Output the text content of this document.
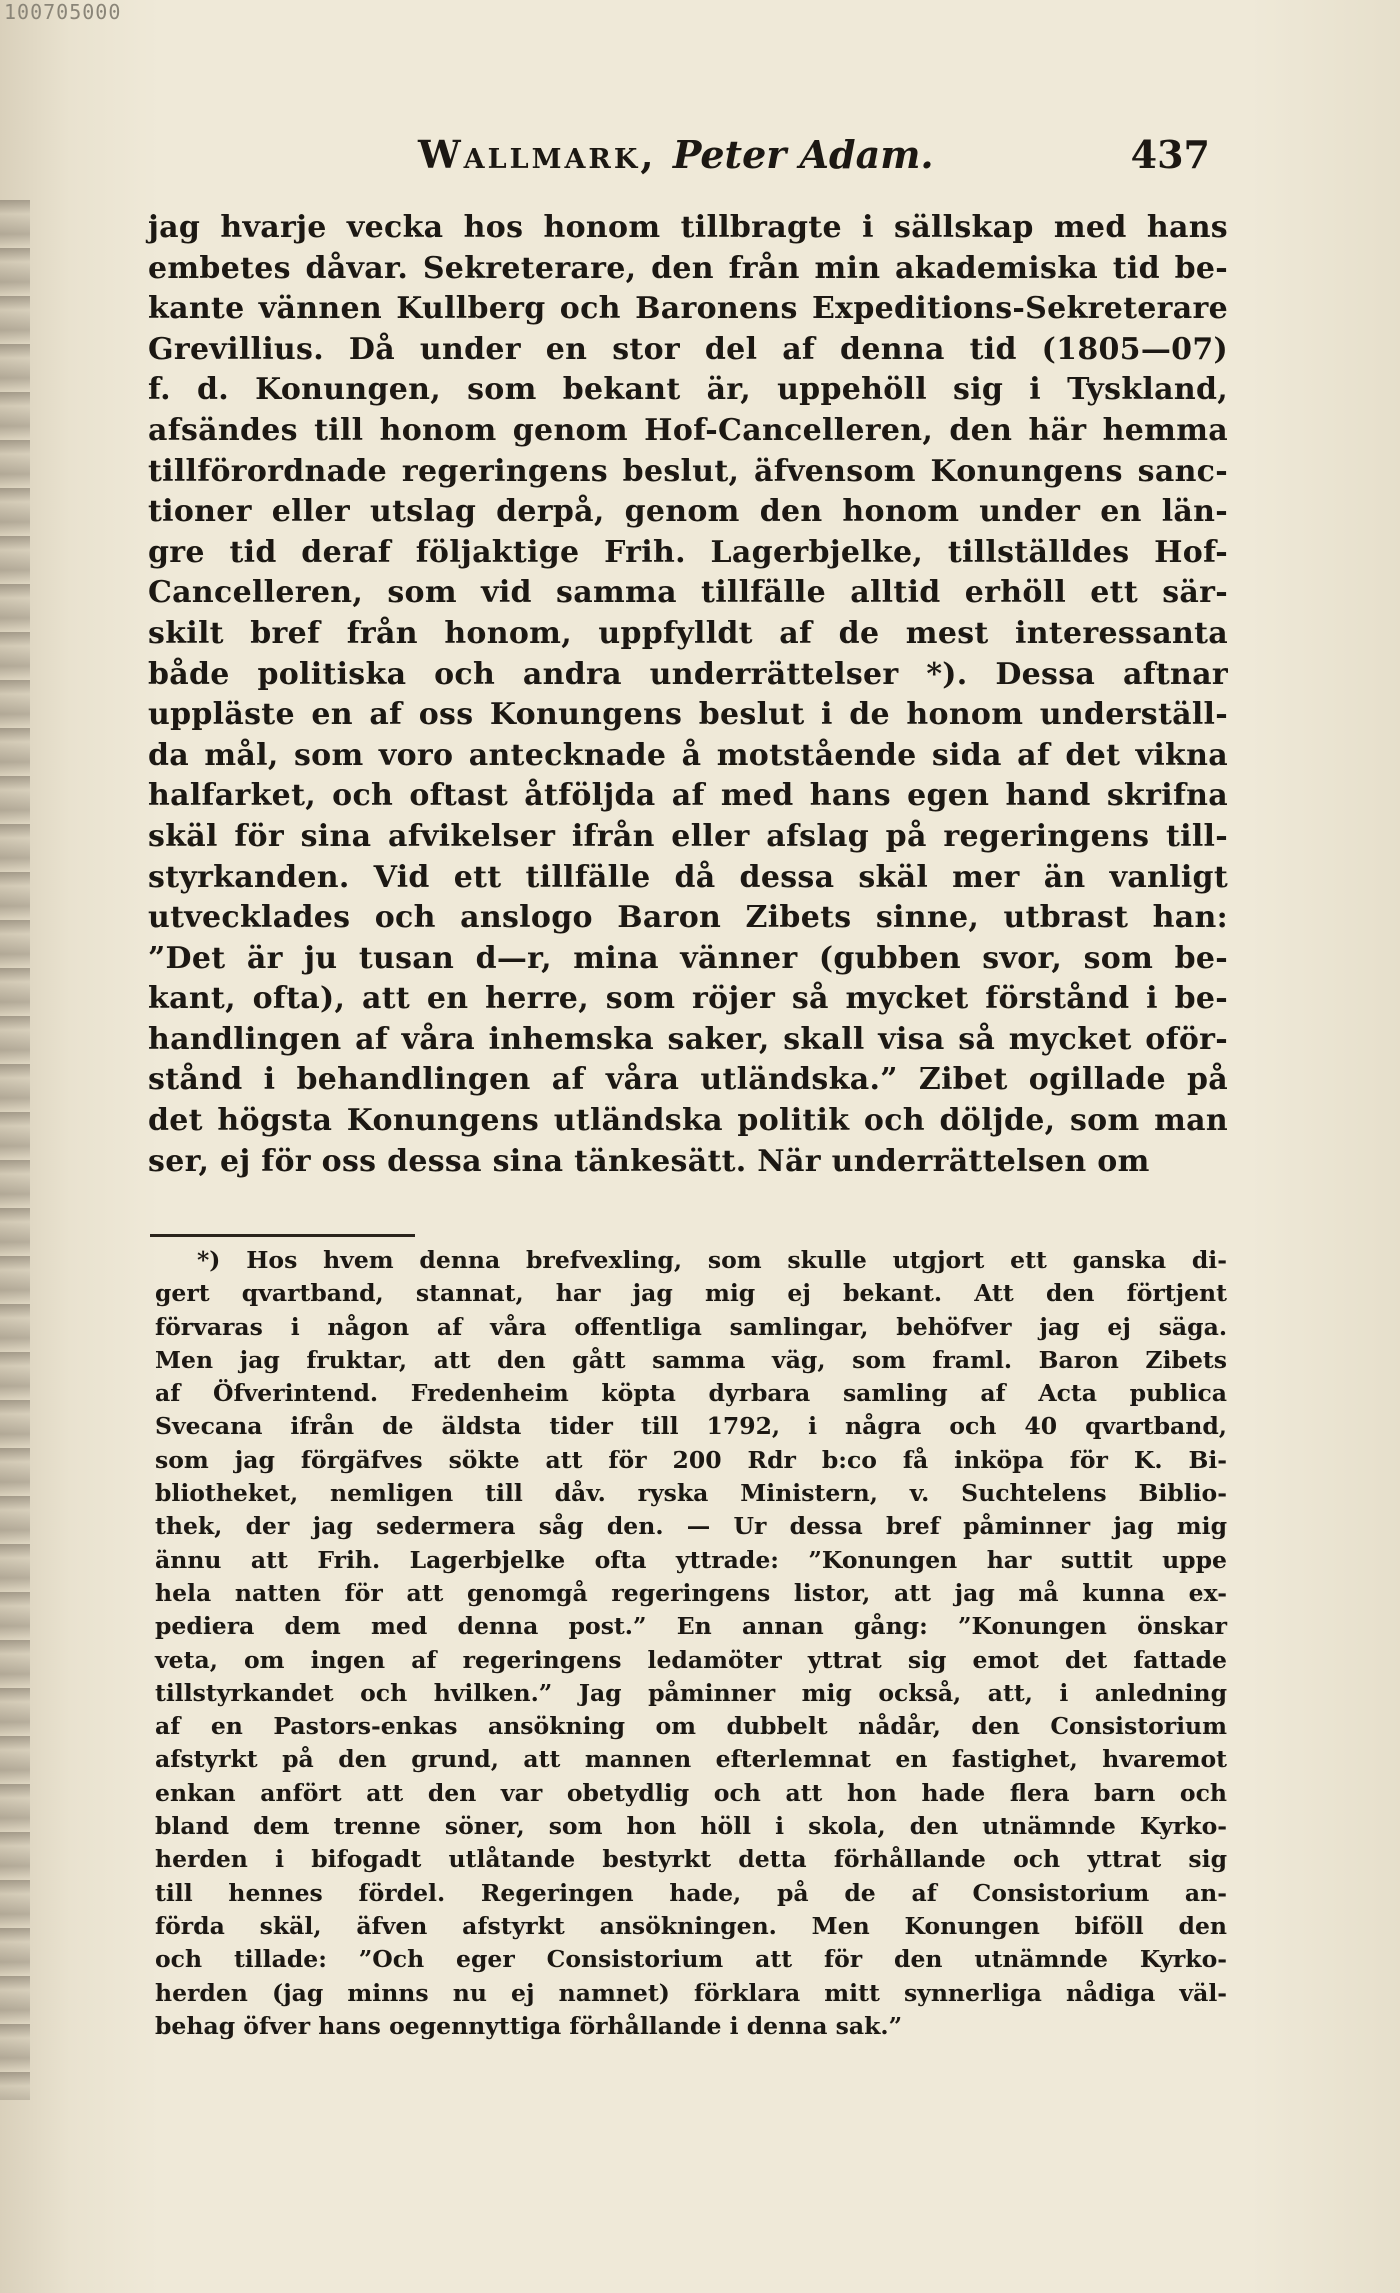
100705000
Wallmark, Peter Adam.	437
jag hvarje vecka hos honom tillbragte i sällskap med hans
embetes dåvar. Sekreterare, den från min akademiska tid be-
kante vännen Kullberg och Baronens Expeditions-Sekreterare
Grevillius. Då under en stor del af denna tid (1805—07)
f. d. Konungen, som bekant är, uppehöll sig i Tyskland,
afsändes till honom genom Hof-Cancelleren, den här hemma
tillförordnade regeringens beslut, äfvensom Konungens sanc-
tioner eller utslag derpå, genom den honom under en län-
gre tid deraf följaktige Frih. Lagerbjelke, tillställdes Hof-
Cancelleren, som vid samma tillfälle alltid erhöll ett sär-
skilt bref från honom, uppfylldt af de mest interessanta
både politiska och andra underrättelser *). Dessa aftnar
uppläste en af oss Konungens beslut i de honom underställ-
da mål, som voro antecknade å motstående sida af det vikna
halfarket, och oftast åtföljda af med hans egen hand skrifna
skäl för sina afvikelser ifrån eller afslag på regeringens till-
styrkanden. Vid ett tillfälle då dessa skäl mer än vanligt
utvecklades och anslogo Baron Zibets sinne, utbrast han:
”Det är ju tusan d—r, mina vänner (gubben svor, som be-
kant, ofta), att en herre, som röjer så mycket förstånd i be-
handlingen af våra inhemska saker, skall visa så mycket oför-
stånd i behandlingen af våra utländska.” Zibet ogillade på
det högsta Konungens utländska politik och döljde, som man
ser, ej för oss dessa sina tänkesätt. När underrättelsen om
*) Hos hvem denna brefvexling, som skulle utgjort ett ganska di-
gert qvartband, stannat, har jag mig ej bekant. Att den förtjent
förvaras i någon af våra offentliga samlingar, behöfver jag ej säga.
Men jag fruktar, att den gått samma väg, som framl. Baron Zibets
af Öfverintend. Fredenheim köpta dyrbara samling af Acta publica
Svecana ifrån de äldsta tider till 1792, i några och 40 qvartband,
som jag förgäfves sökte att för 200 Rdr b:co få inköpa för K. Bi-
bliotheket, nemligen till dåv. ryska Ministern, v. Suchtelens Biblio-
thek, der jag sedermera såg den. — Ur dessa bref påminner jag mig
ännu att Frih. Lagerbjelke ofta yttrade: ”Konungen har suttit uppe
hela natten för att genomgå regeringens listor, att jag må kunna ex-
pediera dem med denna post.” En annan gång: ”Konungen önskar
veta, om ingen af regeringens ledamöter yttrat sig emot det fattade
tillstyrkandet och hvilken.” Jag påminner mig också, att, i anledning
af en Pastors-enkas ansökning om dubbelt nådår, den Consistorium
afstyrkt på den grund, att mannen efterlemnat en fastighet, hvaremot
enkan anfört att den var obetydlig och att hon hade flera barn och
bland dem trenne söner, som hon höll i skola, den utnämnde Kyrko-
herden i bifogadt utlåtande bestyrkt detta förhållande och yttrat sig
till hennes fördel. Regeringen hade, på de af Consistorium an-
förda skäl, äfven afstyrkt ansökningen. Men Konungen biföll den
och tillade: ”Och eger Consistorium att för den utnämnde Kyrko-
herden (jag minns nu ej namnet) förklara mitt synnerliga nådiga väl-
behag öfver hans oegennyttiga förhållande i denna sak.”
